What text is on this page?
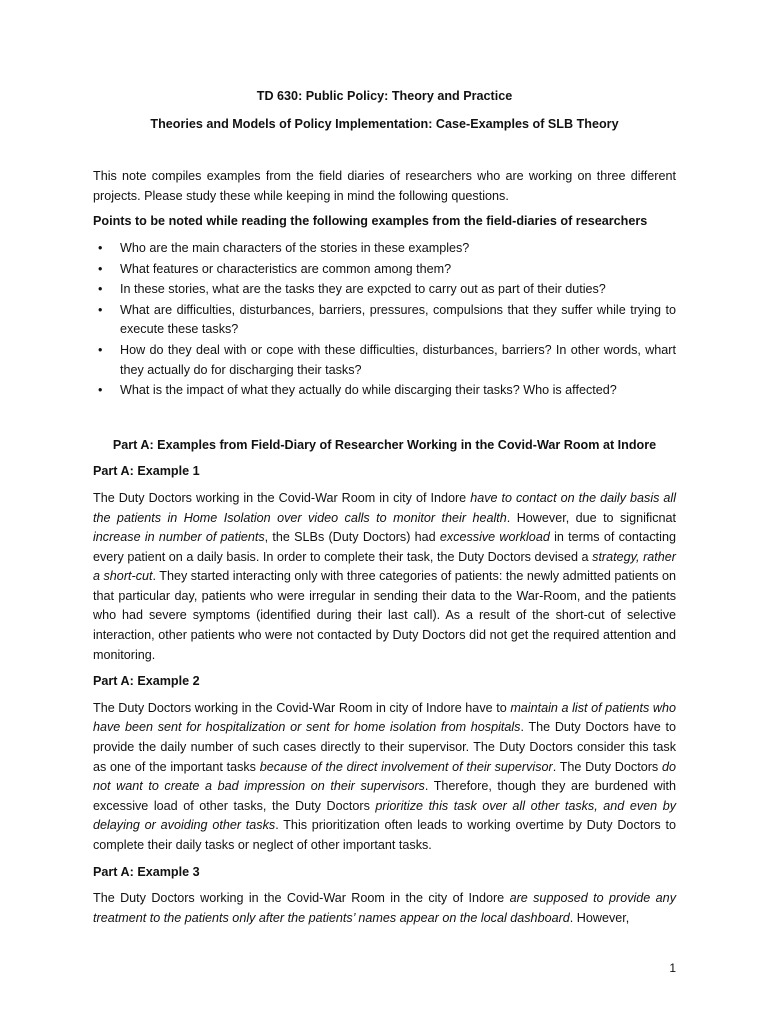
TD 630: Public Policy: Theory and Practice
Theories and Models of Policy Implementation: Case-Examples of SLB Theory

This note compiles examples from the field diaries of researchers who are working on three different projects. Please study these while keeping in mind the following questions.

Points to be noted while reading the following examples from the field-diaries of researchers

• Who are the main characters of the stories in these examples?
• What features or characteristics are common among them?
• In these stories, what are the tasks they are expcted to carry out as part of their duties?
• What are difficulties, disturbances, barriers, pressures, compulsions that they suffer while trying to execute these tasks?
• How do they deal with or cope with these difficulties, disturbances, barriers? In other words, whart they actually do for discharging their tasks?
• What is the impact of what they actually do while discarging their tasks? Who is affected?
Part A: Examples from Field-Diary of Researcher Working in the Covid-War Room at Indore

Part A: Example 1

The Duty Doctors working in the Covid-War Room in city of Indore have to contact on the daily basis all the patients in Home Isolation over video calls to monitor their health. However, due to significnat increase in number of patients, the SLBs (Duty Doctors) had excessive workload in terms of contacting every patient on a daily basis. In order to complete their task, the Duty Doctors devised a strategy, rather a short-cut. They started interacting only with three categories of patients: the newly admitted patients on that particular day, patients who were irregular in sending their data to the War-Room, and the patients who had severe symptoms (identified during their last call). As a result of the short-cut of selective interaction, other patients who were not contacted by Duty Doctors did not get the required attention and monitoring.

Part A: Example 2

The Duty Doctors working in the Covid-War Room in city of Indore have to maintain a list of patients who have been sent for hospitalization or sent for home isolation from hospitals. The Duty Doctors have to provide the daily number of such cases directly to their supervisor. The Duty Doctors consider this task as one of the important tasks because of the direct involvement of their supervisor. The Duty Doctors do not want to create a bad impression on their supervisors. Therefore, though they are burdened with excessive load of other tasks, the Duty Doctors prioritize this task over all other tasks, and even by delaying or avoiding other tasks. This prioritization often leads to working overtime by Duty Doctors to complete their daily tasks or neglect of other important tasks.

Part A: Example 3

The Duty Doctors working in the Covid-War Room in the city of Indore are supposed to provide any treatment to the patients only after the patients’ names appear on the local dashboard. However,

1
